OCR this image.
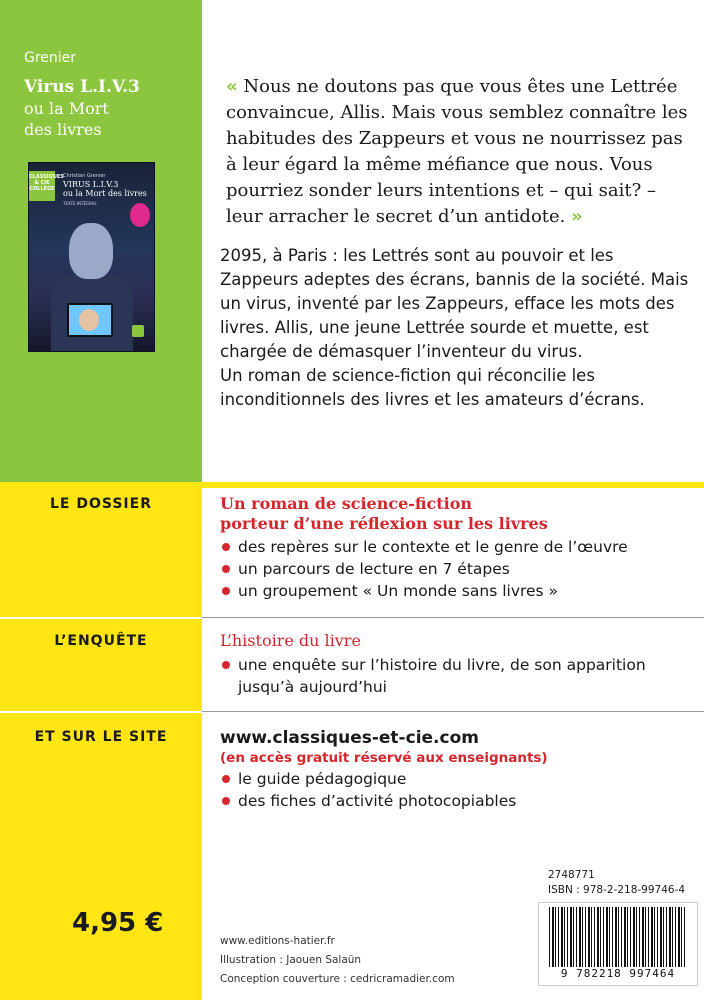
Grenier
Virus L.I.V.3
ou la Mort
des livres
CLASSIQUES & CIE COLLÈGE
Christian Grenier
VIRUS L.I.V.3
ou la Mort des livres
TEXTE INTÉGRAL
« Nous ne doutons pas que vous êtes une Lettrée convaincue, Allis. Mais vous semblez connaître les habitudes des Zappeurs et vous ne nourrissez pas à leur égard la même méfiance que nous. Vous pourriez sonder leurs intentions et – qui sait? – leur arracher le secret d’un antidote. »
2095, à Paris : les Lettrés sont au pouvoir et les Zappeurs adeptes des écrans, bannis de la société. Mais un virus, inventé par les Zappeurs, efface les mots des livres. Allis, une jeune Lettrée sourde et muette, est chargée de démasquer l’inventeur du virus.
Un roman de science-fiction qui réconcilie les inconditionnels des livres et les amateurs d’écrans.
LE DOSSIER	Un roman de science-fiction
porteur d’une réflexion sur les livres
des repères sur le contexte et le genre de l’œuvre
un parcours de lecture en 7 étapes
un groupement « Un monde sans livres »
L’ENQUÊTE	L’histoire du livre
une enquête sur l’histoire du livre, de son apparition jusqu’à aujourd’hui
ET SUR LE SITE	www.classiques-et-cie.com
(en accès gratuit réservé aux enseignants)
le guide pédagogique
des fiches d’activité photocopiables
4,95 €
www.editions-hatier.fr
Illustration : Jaouen Salaün
Conception couverture : cedricramadier.com
2748771
ISBN : 978-2-218-99746-4
9 782218 997464
